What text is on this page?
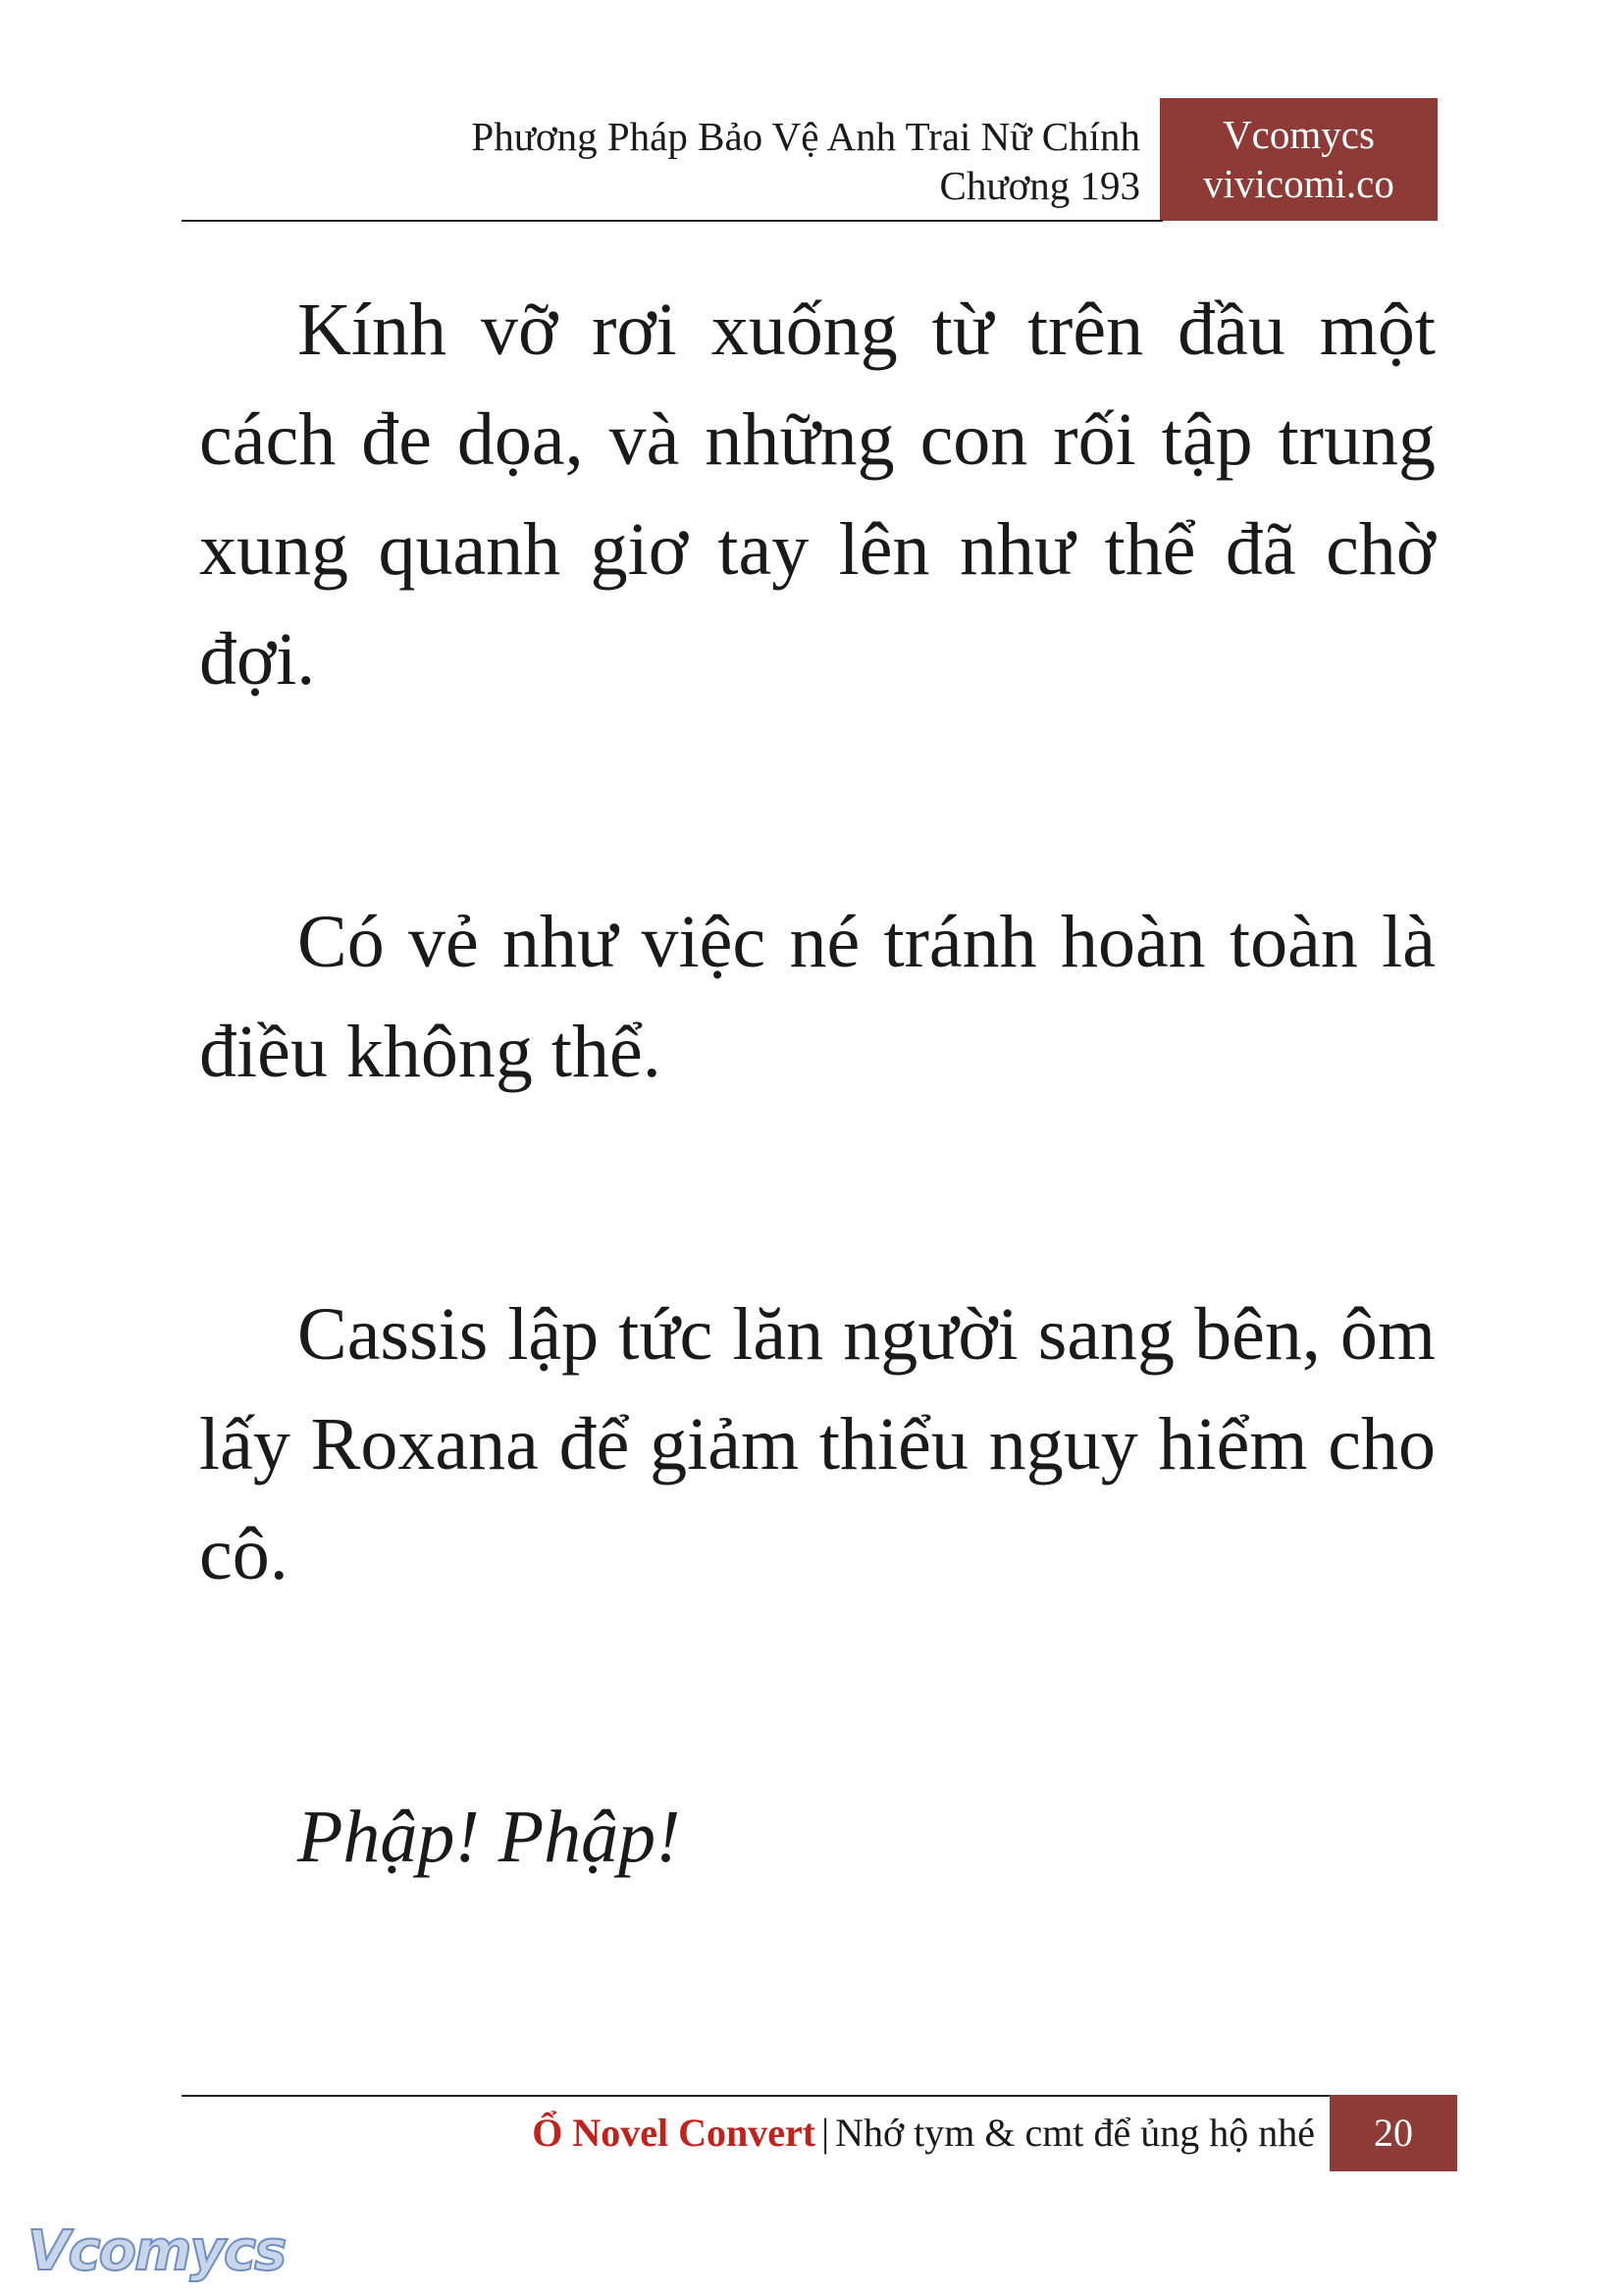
Phương Pháp Bảo Vệ Anh Trai Nữ Chính
Chương 193
Vcomycs
vivicomi.co

Kính vỡ rơi xuống từ trên đầu một cách đe dọa, và những con rối tập trung xung quanh giơ tay lên như thể đã chờ đợi.

Có vẻ như việc né tránh hoàn toàn là điều không thể.

Cassis lập tức lăn người sang bên, ôm lấy Roxana để giảm thiểu nguy hiểm cho cô.

Phập! Phập!

Ổ Novel Convert | Nhớ tym & cmt để ủng hộ nhé	20
Vcomycs
